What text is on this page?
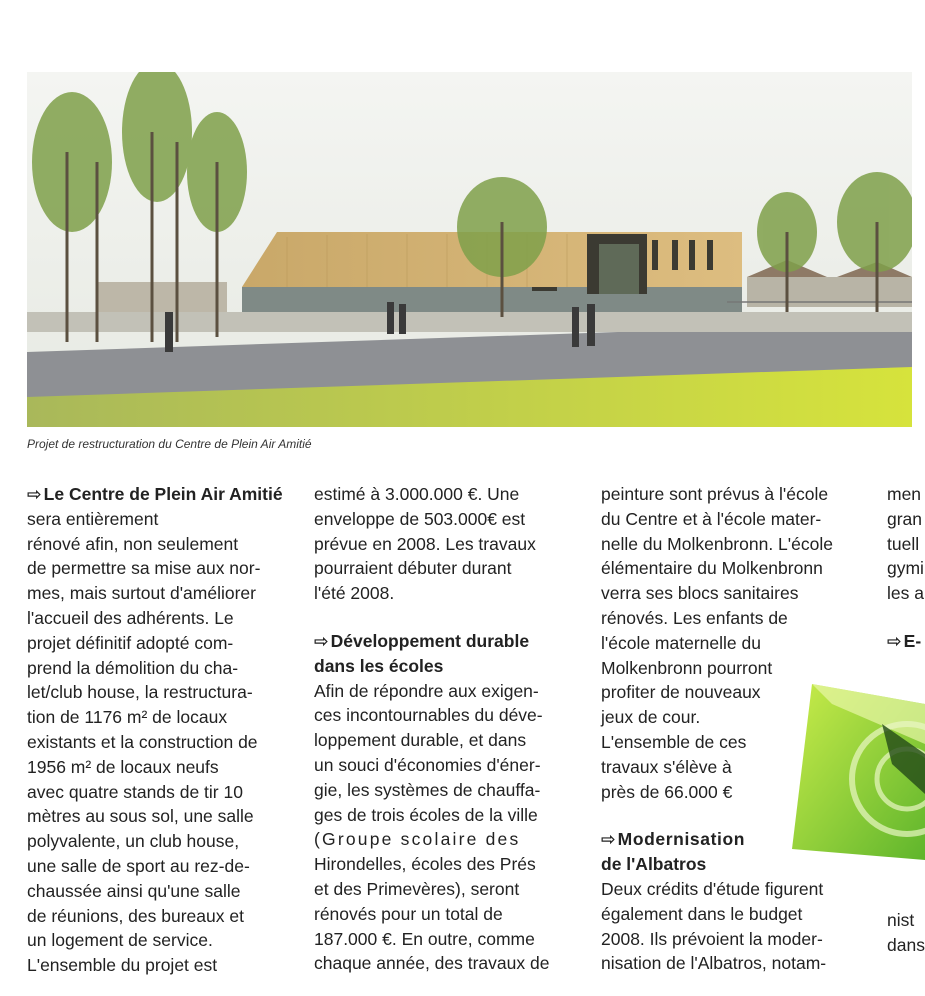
Projet de restructuration du Centre de Plein Air Amitié

⇨ Le Centre de Plein Air Amitié sera entièrement

rénové afin, non seulement

de permettre sa mise aux nor-

mes, mais surtout d'améliorer

l'accueil des adhérents. Le

projet définitif adopté com-

prend la démolition du cha-

let/club house, la restructura-

tion de 1176 m² de locaux

existants et la construction de

1956 m² de locaux neufs

avec quatre stands de tir 10

mètres au sous sol, une salle

polyvalente, un club house,

une salle de sport au rez-de-

chaussée ainsi qu'une salle

de réunions, des bureaux et

un logement de service.

L'ensemble du projet est

estimé à 3.000.000 €. Une

enveloppe de 503.000€ est

prévue en 2008. Les travaux

pourraient débuter durant

l'été 2008.

⇨ Développement durable

dans les écoles

Afin de répondre aux exigen-

ces incontournables du déve-

loppement durable, et dans

un souci d'économies d'éner-

gie, les systèmes de chauffa-

ges de trois écoles de la ville

(Groupe scolaire des

Hirondelles, écoles des Prés

et des Primevères), seront

rénovés pour un total de

187.000 €. En outre, comme

chaque année, des travaux de

peinture sont prévus à l'école

du Centre et à l'école mater-

nelle du Molkenbronn. L'école

élémentaire du Molkenbronn

verra ses blocs sanitaires

rénovés. Les enfants de

l'école maternelle du

Molkenbronn pourront

profiter de nouveaux

jeux de cour.

L'ensemble de ces

travaux s'élève à

près de 66.000 €

⇨ Modernisation

de l'Albatros

Deux crédits d'étude figurent

également dans le budget

2008. Ils prévoient la moder-

nisation de l'Albatros, notam-

men

gran

tuell

gymi

les a

⇨ E-

nist

dans
